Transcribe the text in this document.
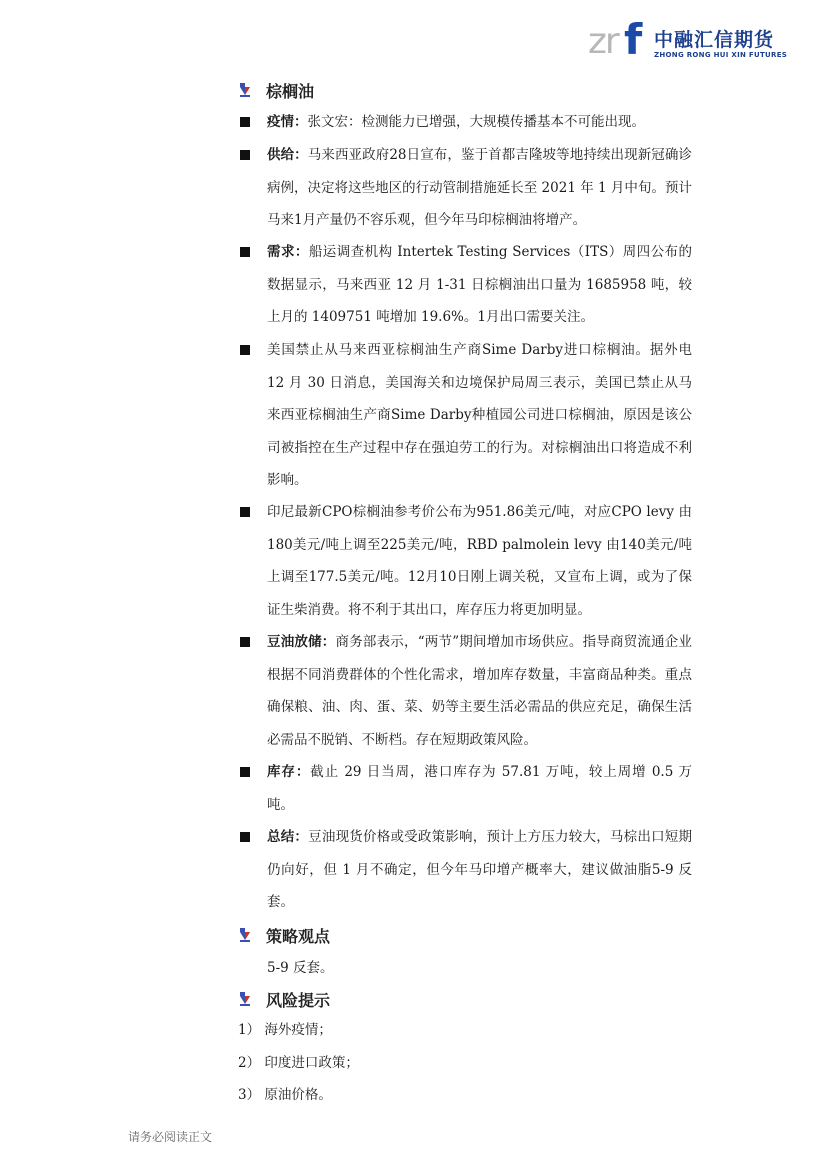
zr f 中融汇信期货
ZHONG RONG HUI XIN FUTURES
棕榈油
疫情：张文宏：检测能力已增强，大规模传播基本不可能出现。
供给：马来西亚政府28日宣布，鉴于首都吉隆坡等地持续出现新冠确诊病例，决定将这些地区的行动管制措施延长至 2021 年 1 月中旬。预计马来1月产量仍不容乐观，但今年马印棕榈油将增产。
需求：船运调查机构 Intertek Testing Services（ITS）周四公布的数据显示，马来西亚 12 月 1-31 日棕榈油出口量为 1685958 吨，较上月的 1409751 吨增加 19.6%。1月出口需要关注。
美国禁止从马来西亚棕榈油生产商Sime Darby进口棕榈油。据外电 12 月 30 日消息，美国海关和边境保护局周三表示，美国已禁止从马来西亚棕榈油生产商Sime Darby种植园公司进口棕榈油，原因是该公司被指控在生产过程中存在强迫劳工的行为。对棕榈油出口将造成不利影响。
印尼最新CPO棕榈油参考价公布为951.86美元/吨，对应CPO levy 由180美元/吨上调至225美元/吨，RBD palmolein levy 由140美元/吨上调至177.5美元/吨。12月10日刚上调关税，又宣布上调，或为了保证生柴消费。将不利于其出口，库存压力将更加明显。
豆油放储：商务部表示，“两节”期间增加市场供应。指导商贸流通企业根据不同消费群体的个性化需求，增加库存数量，丰富商品种类。重点确保粮、油、肉、蛋、菜、奶等主要生活必需品的供应充足，确保生活必需品不脱销、不断档。存在短期政策风险。
库存：截止 29 日当周，港口库存为 57.81 万吨，较上周增 0.5 万吨。
总结：豆油现货价格或受政策影响，预计上方压力较大，马棕出口短期仍向好，但 1 月不确定，但今年马印增产概率大，建议做油脂5-9 反套。
策略观点
5-9 反套。
风险提示
1） 海外疫情；
2） 印度进口政策；
3） 原油价格。
请务必阅读正文
